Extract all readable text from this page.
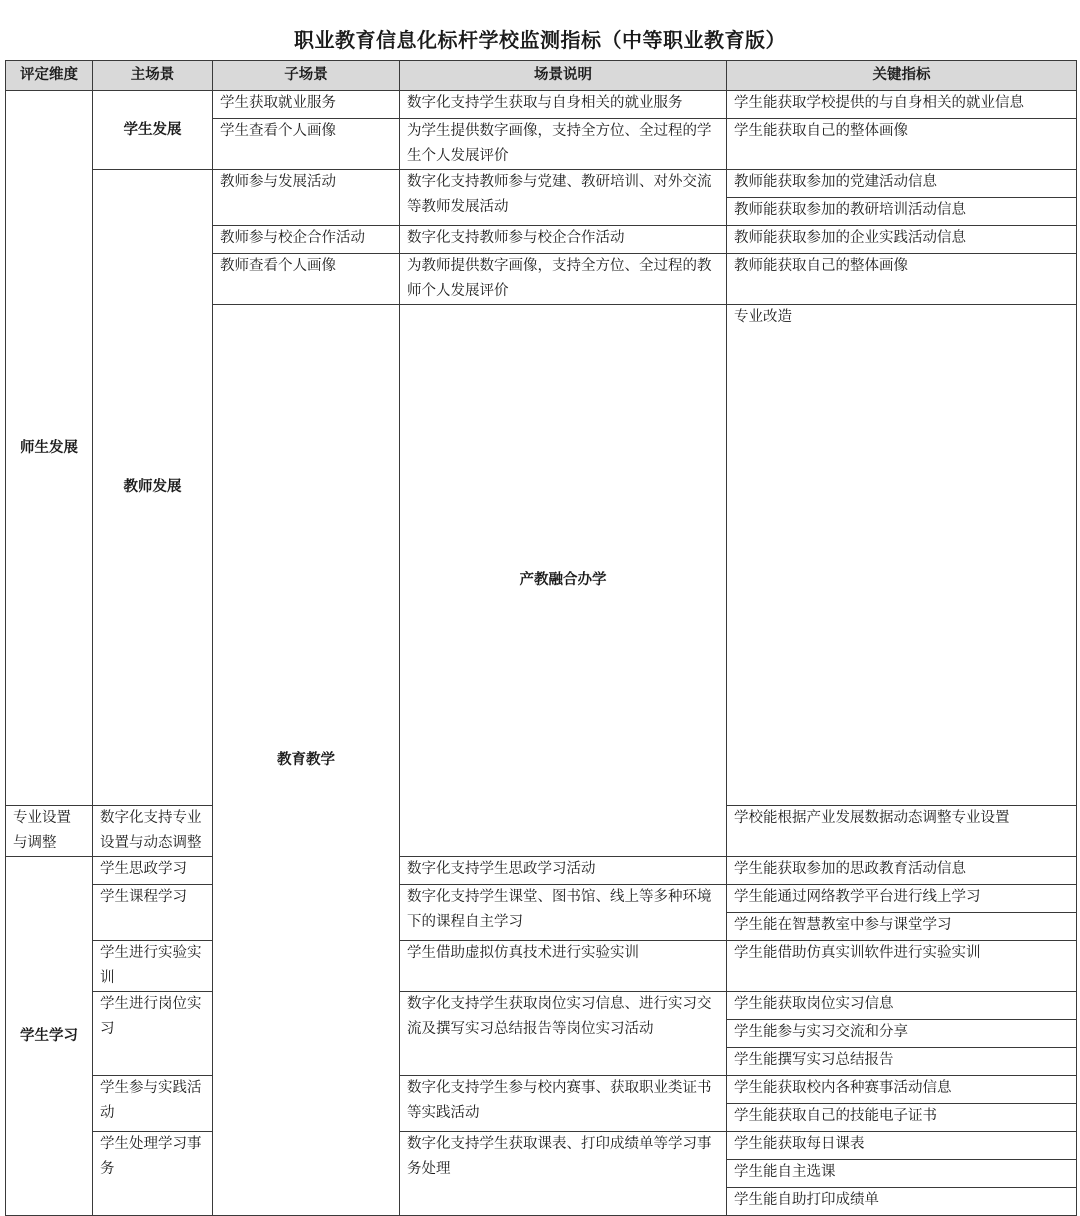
职业教育信息化标杆学校监测指标（中等职业教育版）
评定维度	主场景	子场景	场景说明	关键指标	
师生发展	学生发展	学生获取就业服务	数字化支持学生获取与自身相关的就业服务	学生能获取学校提供的与自身相关的就业信息	
		学生查看个人画像	为学生提供数字画像，支持全方位、全过程的学生个人发展评价	学生能获取自己的整体画像	
	教师发展	教师参与发展活动	数字化支持教师参与党建、教研培训、对外交流等教师发展活动	教师能获取参加的党建活动信息	
				教师能获取参加的教研培训活动信息	
		教师参与校企合作活动	数字化支持教师参与校企合作活动	教师能获取参加的企业实践活动信息	
		教师查看个人画像	为教师提供数字画像，支持全方位、全过程的教师个人发展评价	教师能获取自己的整体画像	
		教育教学	产教融合办学	专业改造		
专业设置与调整	数字化支持专业设置与动态调整			学校能根据产业发展数据动态调整专业设置	
学生学习	学生思政学习		数字化支持学生思政学习活动	学生能获取参加的思政教育活动信息	
	学生课程学习		数字化支持学生课堂、图书馆、线上等多种环境下的课程自主学习	学生能通过网络教学平台进行线上学习	
				学生能在智慧教室中参与课堂学习	
	学生进行实验实训		学生借助虚拟仿真技术进行实验实训	学生能借助仿真实训软件进行实验实训	
	学生进行岗位实习		数字化支持学生获取岗位实习信息、进行实习交流及撰写实习总结报告等岗位实习活动	学生能获取岗位实习信息	
				学生能参与实习交流和分享	
				学生能撰写实习总结报告	
	学生参与实践活动		数字化支持学生参与校内赛事、获取职业类证书等实践活动	学生能获取校内各种赛事活动信息	
				学生能获取自己的技能电子证书	
	学生处理学习事务		数字化支持学生获取课表、打印成绩单等学习事务处理	学生能获取每日课表	
				学生能自主选课	
				学生能自助打印成绩单	
